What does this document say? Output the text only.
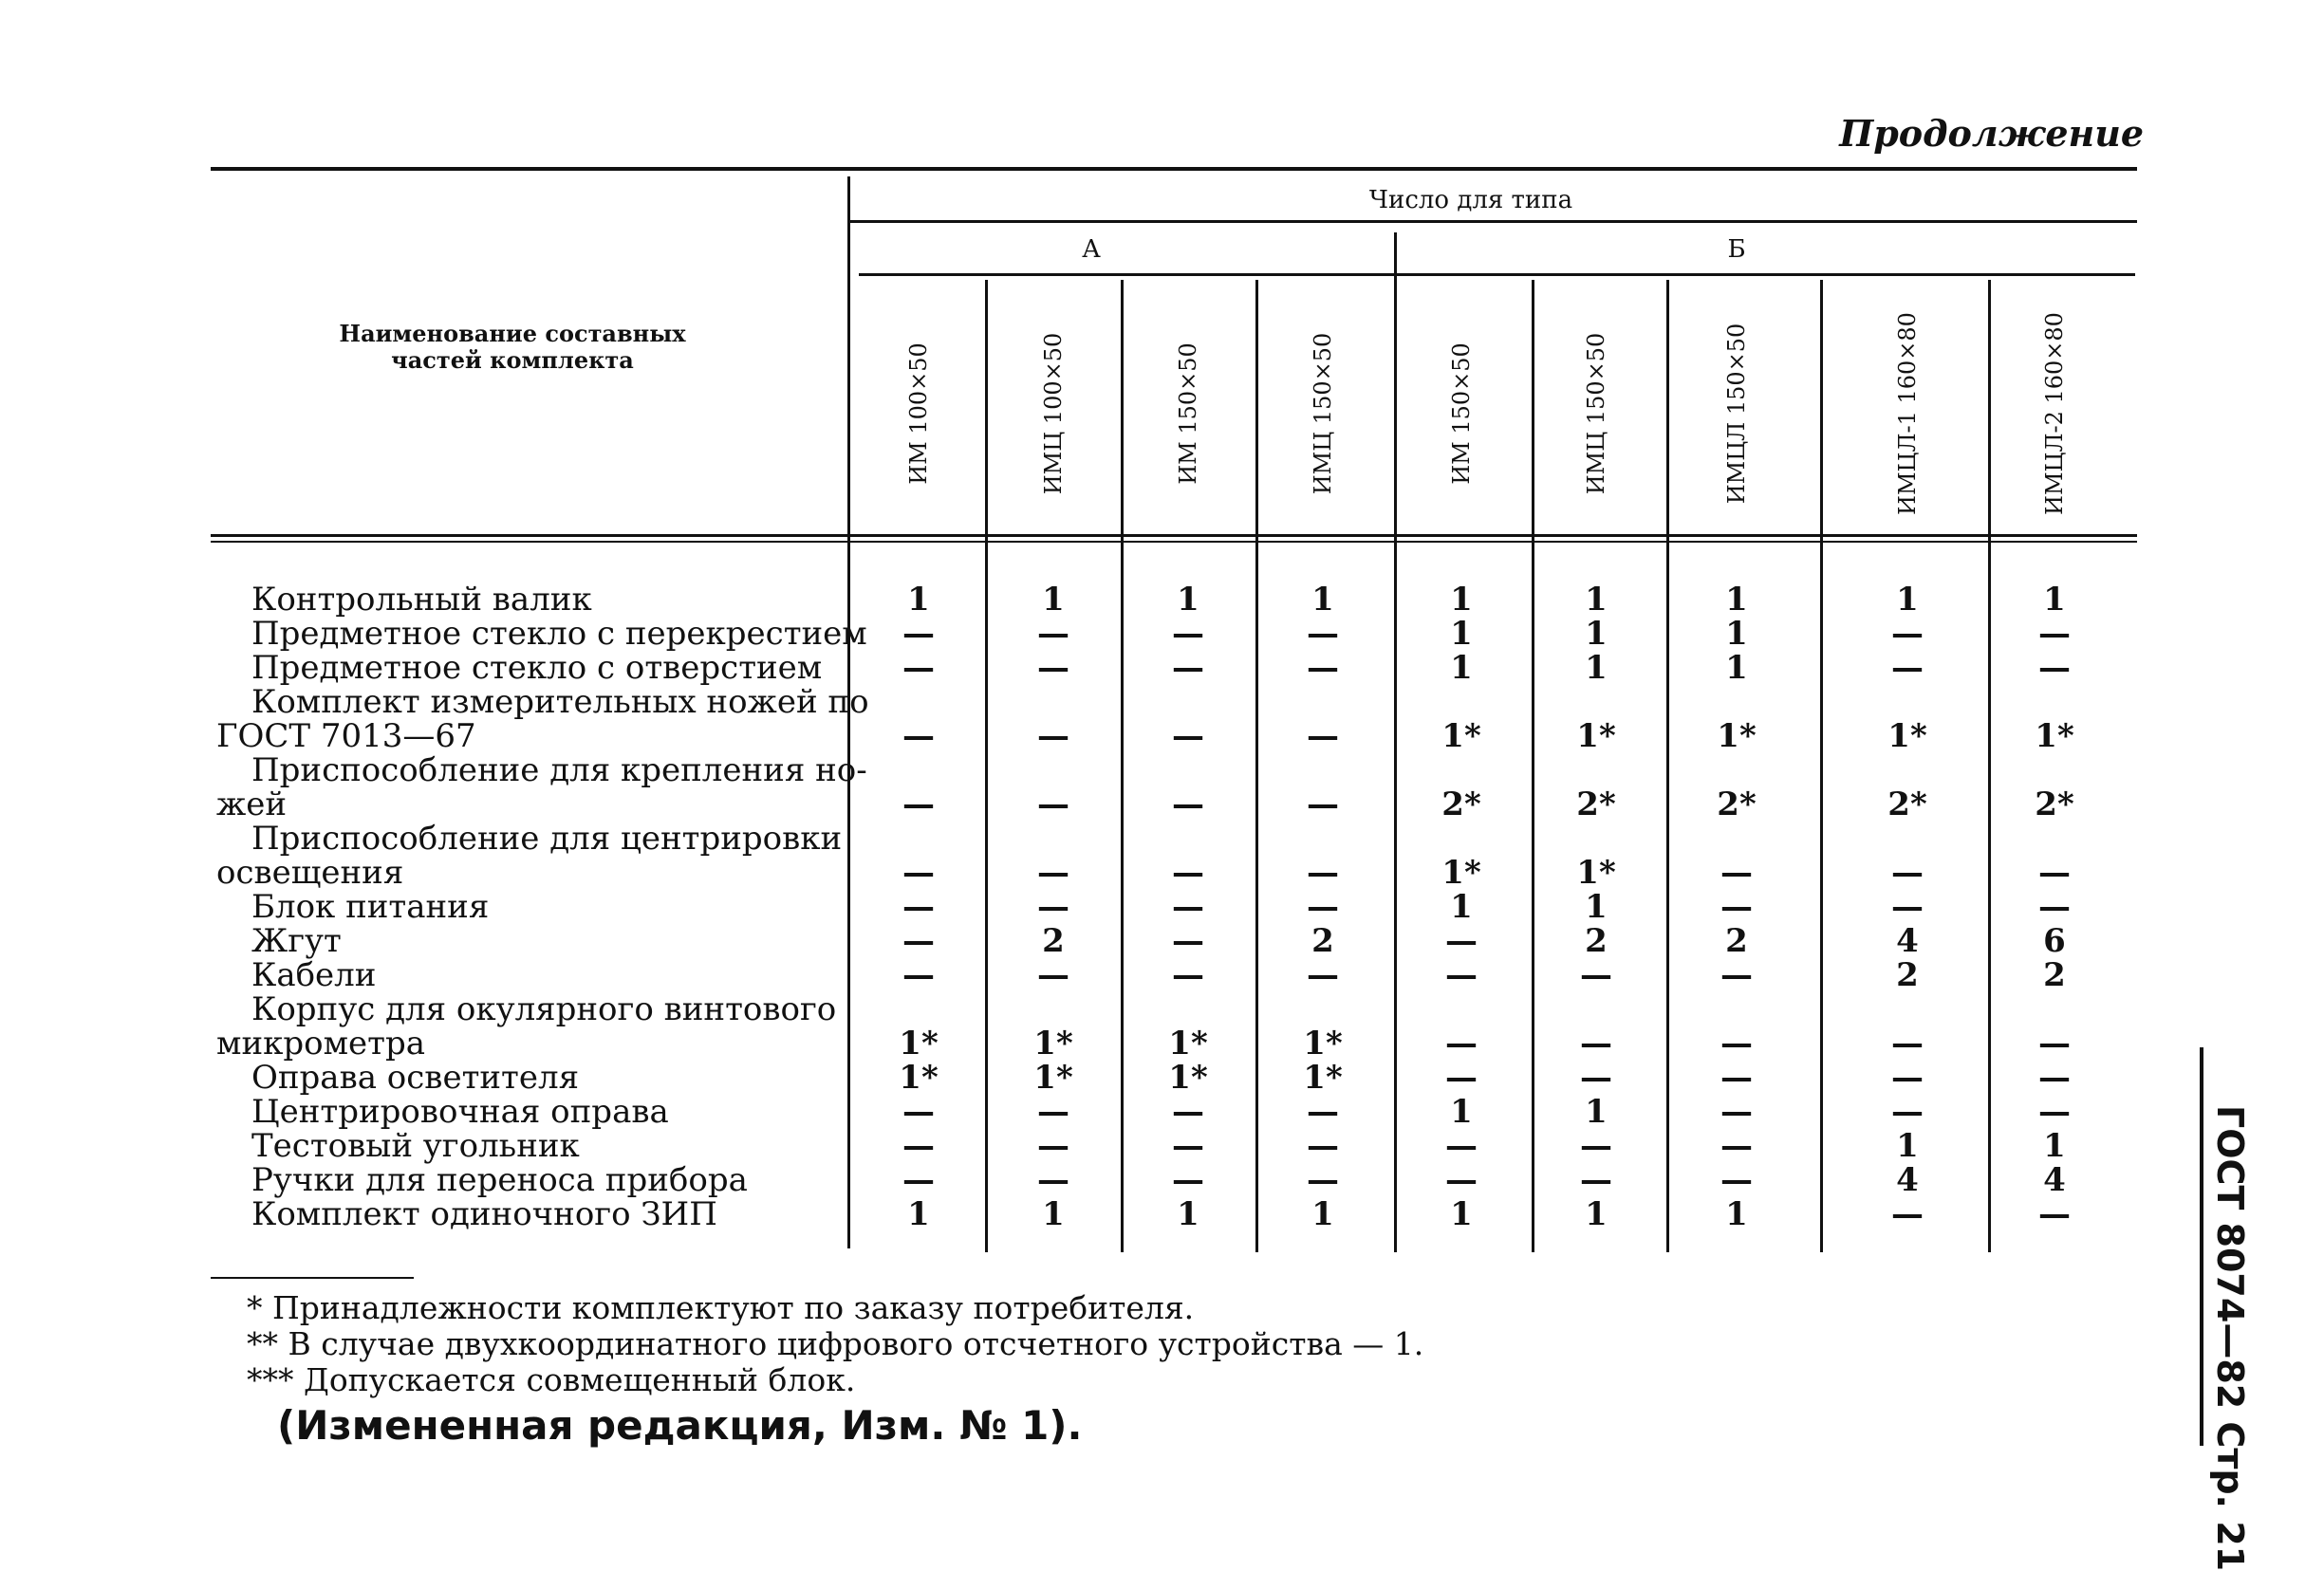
Продолжение
Число для типа
А	Б
Наименование составных частей комплекта	ИМ 100×50	ИМЦ 100×50	ИМ 150×50	ИМЦ 150×50	ИМ 150×50	ИМЦ 150×50	ИМЦЛ 150×50	ИМЦЛ-1 160×80	ИМЦЛ-2 160×80
Контрольный валик	1	1	1	1	1	1	1	1	1
Предметное стекло с перекрестием	—	—	—	—	1	1	1	—	—
Предметное стекло с отверстием	—	—	—	—	1	1	1	—	—
Комплект измерительных ножей по
ГОСТ 7013—67	—	—	—	—	1*	1*	1*	1*	1*
Приспособление для крепления но-
жей	—	—	—	—	2*	2*	2*	2*	2*
Приспособление для центрировки
освещения	—	—	—	—	1*	1*	—	—	—
Блок питания	—	—	—	—	1	1	—	—	—
Жгут	—	2	—	2	—	2	2	4	6
Кабели	—	—	—	—	—	—	—	2	2
Корпус для окулярного винтового
микрометра	1*	1*	1*	1*	—	—	—	—	—
Оправа осветителя	1*	1*	1*	1*	—	—	—	—	—
Центрировочная оправа	—	—	—	—	1	1	—	—	—
Тестовый угольник	—	—	—	—	—	—	—	1	1
Ручки для переноса прибора	—	—	—	—	—	—	—	4	4
Комплект одиночного ЗИП	1	1	1	1	1	1	1	—	—
* Принадлежности комплектуют по заказу потребителя.
** В случае двухкоординатного цифрового отсчетного устройства — 1.
*** Допускается совмещенный блок.
(Измененная редакция, Изм. № 1).	ГОСТ 8074—82 Стр. 21
